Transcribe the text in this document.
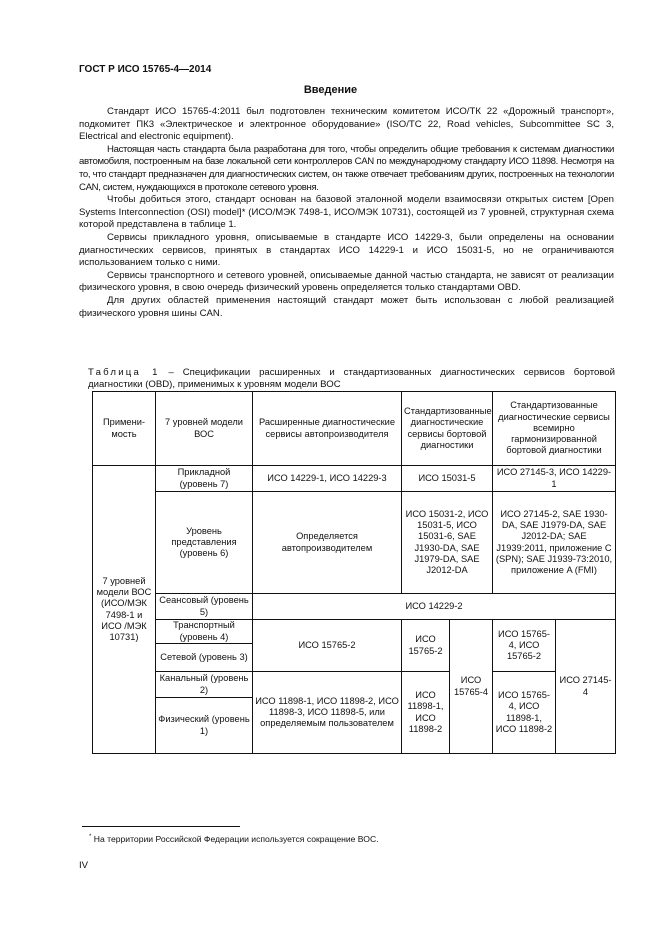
ГОСТ Р ИСО 15765-4—2014
Введение

Стандарт ИСО 15765-4:2011 был подготовлен техническим комитетом ИСО/ТК 22 «Дорожный транспорт», подкомитет ПК3 «Электрическое и электронное оборудование» (ISO/TC 22, Road vehicles, Subcommittee SC 3, Electrical and electronic equipment).

Настоящая часть стандарта была разработана для того, чтобы определить общие требования к системам диагностики автомобиля, построенным на базе локальной сети контроллеров CAN по международному стандарту ИСО 11898. Несмотря на то, что стандарт предназначен для диагностических систем, он также отвечает требованиям других, построенных на технологии CAN, систем, нуждающихся в протоколе сетевого уровня.

Чтобы добиться этого, стандарт основан на базовой эталонной модели взаимосвязи открытых систем [Open Systems Interconnection (OSI) model]* (ИСО/МЭК 7498-1, ИСО/МЭК 10731), состоящей из 7 уровней, структурная схема которой представлена в таблице 1.

Сервисы прикладного уровня, описываемые в стандарте ИСО 14229-3, были определены на основании диагностических сервисов, принятых в стандартах ИСО 14229-1 и ИСО 15031-5, но не ограничиваются использованием только с ними.

Сервисы транспортного и сетевого уровней, описываемые данной частью стандарта, не зависят от реализации физического уровня, в свою очередь физический уровень определяется только стандартами OBD.

Для других областей применения настоящий стандарт может быть использован с любой реализацией физического уровня шины CAN.

Таблица 1 – Спецификации расширенных и стандартизованных диагностических сервисов бортовой диагностики (OBD), применимых к уровням модели ВОС
Примени-мость	7 уровней модели ВОС	Расширенные диагностические сервисы автопроизводителя	Стандартизованные диагностические сервисы бортовой диагностики		Стандартизованные диагностические сервисы всемирно гармонизированной бортовой диагностики	
7 уровней модели ВОС (ИСО/МЭК 7498-1 и ИСО /МЭК 10731)	Прикладной (уровень 7)	ИСО 14229-1, ИСО 14229-3	ИСО 15031-5		ИСО 27145-3, ИСО 14229-1	
	Уровень представления (уровень 6)	Определяется автопроизводителем	ИСО 15031-2, ИСО 15031-5, ИСО 15031-6, SAE J1930-DA, SAE J1979-DA, SAE J2012-DA		ИСО 27145-2, SAE 1930-DA, SAE J1979-DA, SAE J2012-DA; SAE J1939:2011, приложение C (SPN); SAE J1939-73:2010, приложение A (FMI)	
	Сеансовый (уровень 5)	ИСО 14229-2				
	Транспортный (уровень 4)	ИСО 15765-2	ИСО 15765-2	ИСО 15765-4	ИСО 15765-4, ИСО 15765-2	ИСО 27145-4
	Сетевой (уровень 3)					
	Канальный (уровень 2)	ИСО 11898-1, ИСО 11898-2, ИСО 11898-3, ИСО 11898-5, или определяемым пользователем	ИСО 11898-1, ИСО 11898-2		ИСО 15765-4, ИСО 11898-1, ИСО 11898-2	
	Физический (уровень 1)					
* На территории Российской Федерации используется сокращение ВОС.
IV
